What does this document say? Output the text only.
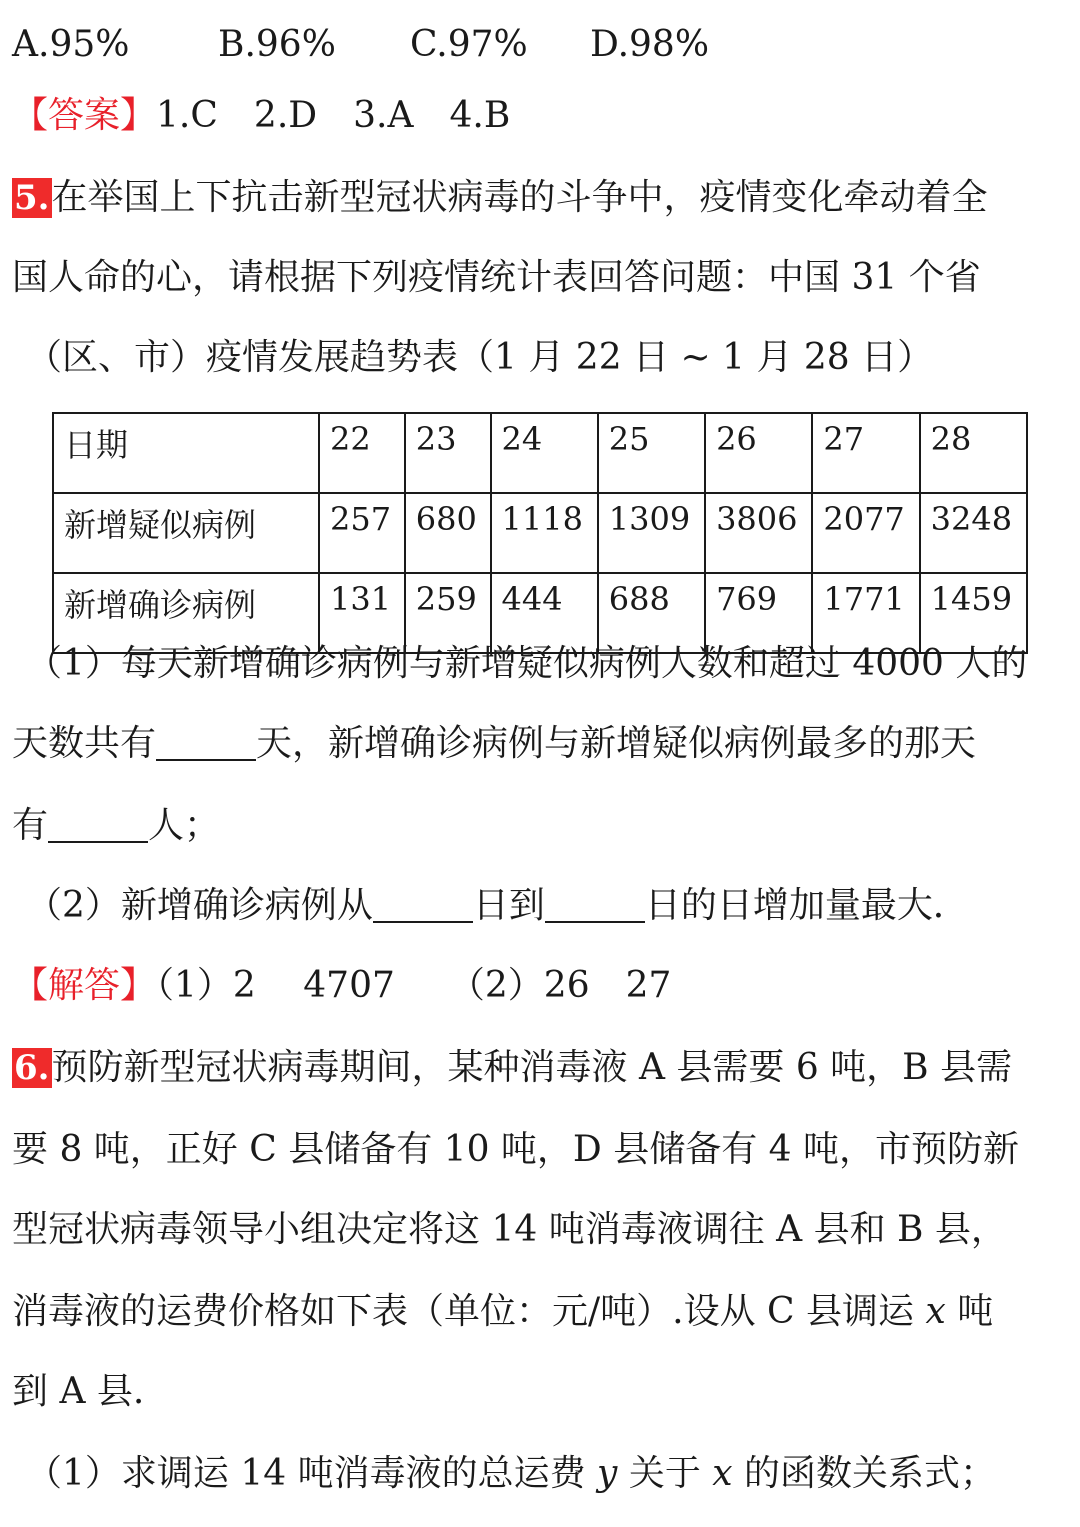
A.95% B.96% C.97% D.98%
【答案】1.C　2.D　3.A　4.B
5.在举国上下抗击新型冠状病毒的斗争中，疫情变化牵动着全
国人命的心，请根据下列疫情统计表回答问题：中国 31 个省
（区、市）疫情发展趋势表（1 月 22 日 ~ 1 月 28 日）
日期	22	23	24	25	26	27	28
新增疑似病例	257	680	1118	1309	3806	2077	3248
新增确诊病例	131	259	444	688	769	1771	1459
（1）每天新增确诊病例与新增疑似病例人数和超过 4000 人的
天数共有	天，新增确诊病例与新增疑似病例最多的那天
有	人；
（2）新增确诊病例从	日到	日的日增加量最大．
【解答】（1）2　 4707　　（2）26　27
6.预防新型冠状病毒期间，某种消毒液 A 县需要 6 吨，B 县需
要 8 吨，正好 C 县储备有 10 吨，D 县储备有 4 吨，市预防新
型冠状病毒领导小组决定将这 14 吨消毒液调往 A 县和 B 县，
消毒液的运费价格如下表（单位：元/吨）.设从 C 县调运 x 吨
到 A 县.
（1）求调运 14 吨消毒液的总运费 y 关于 x 的函数关系式；
